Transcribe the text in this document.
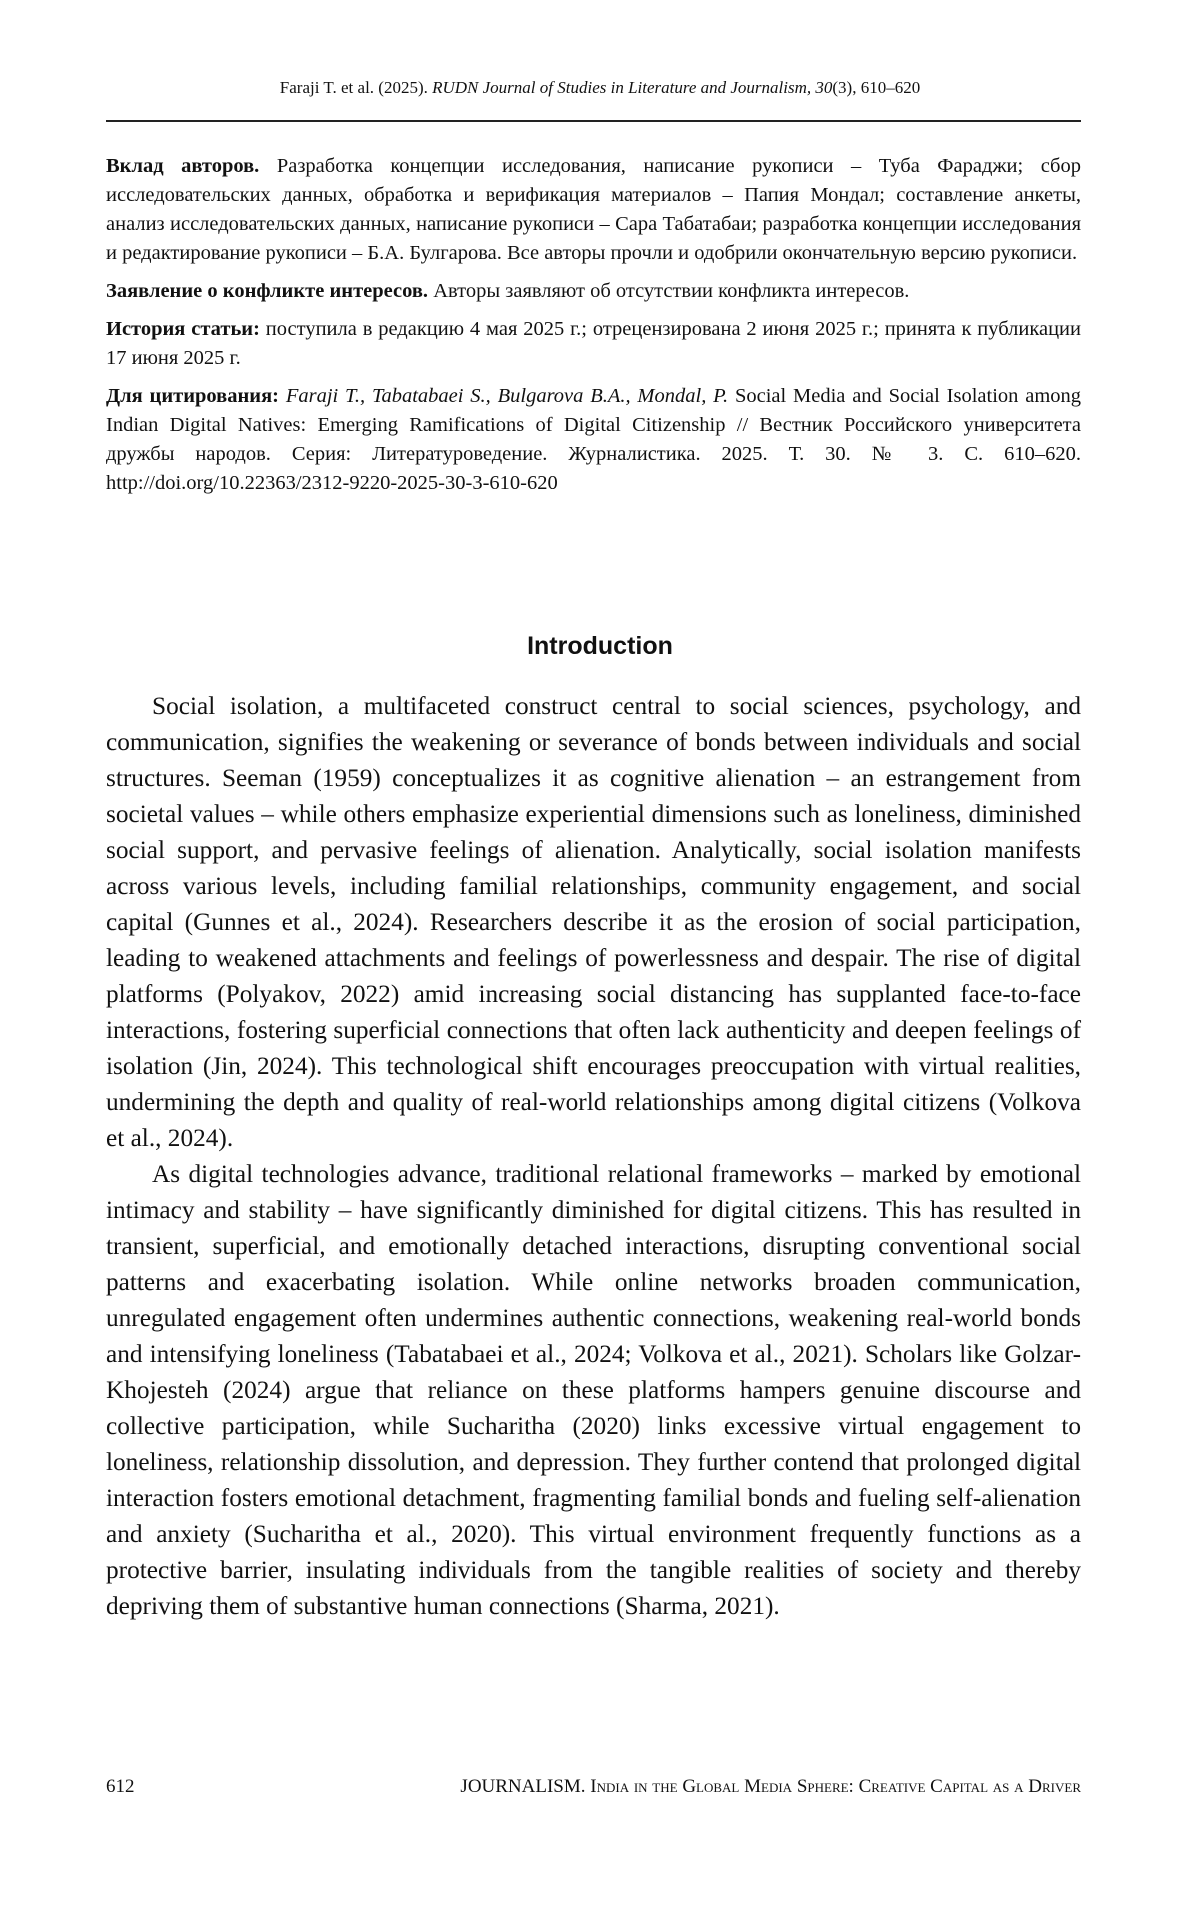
Faraji T. et al. (2025). RUDN Journal of Studies in Literature and Journalism, 30(3), 610–620

Вклад авторов. Разработка концепции исследования, написание рукописи – Туба Фараджи; сбор исследовательских данных, обработка и верификация материалов – Папия Мондал; составление анкеты, анализ исследовательских данных, написание рукописи – Сара Табатабаи; разработка концепции исследования и редактирование рукописи – Б.А. Булгарова. Все авторы прочли и одобрили окончательную версию рукописи.

Заявление о конфликте интересов. Авторы заявляют об отсутствии конфликта интересов.

История статьи: поступила в редакцию 4 мая 2025 г.; отрецензирована 2 июня 2025 г.; принята к публикации 17 июня 2025 г.

Для цитирования: Faraji T., Tabatabaei S., Bulgarova B.A., Mondal, P. Social Media and Social Isolation among Indian Digital Natives: Emerging Ramifications of Digital Citizenship // Вестник Российского университета дружбы народов. Серия: Литературоведение. Журналистика. 2025. Т. 30. № 3. С. 610–620. http://doi.org/10.22363/2312-9220-2025-30-3-610-620

Introduction

Social isolation, a multifaceted construct central to social sciences, psychology, and communication, signifies the weakening or severance of bonds between individuals and social structures. Seeman (1959) conceptualizes it as cognitive alienation – an estrangement from societal values – while others emphasize experiential dimensions such as loneliness, diminished social support, and pervasive feelings of alienation. Analytically, social isolation manifests across various levels, including familial relationships, community engagement, and social capital (Gunnes et al., 2024). Researchers describe it as the erosion of social participation, leading to weakened attachments and feelings of powerlessness and despair. The rise of digital platforms (Polyakov, 2022) amid increasing social distancing has supplanted face-to-face interactions, fostering superficial connections that often lack authenticity and deepen feelings of isolation (Jin, 2024). This technological shift encourages preoccupation with virtual realities, undermining the depth and quality of real-world relationships among digital citizens (Volkova et al., 2024).

As digital technologies advance, traditional relational frameworks – marked by emotional intimacy and stability – have significantly diminished for digital citizens. This has resulted in transient, superficial, and emotionally detached interactions, disrupting conventional social patterns and exacerbating isolation. While online networks broaden communication, unregulated engagement often undermines authentic connections, weakening real-world bonds and intensifying loneliness (Tabatabaei et al., 2024; Volkova et al., 2021). Scholars like Golzar-Khojesteh (2024) argue that reliance on these platforms hampers genuine discourse and collective participation, while Sucharitha (2020) links excessive virtual engagement to loneliness, relationship dissolution, and depression. They further contend that prolonged digital interaction fosters emotional detachment, fragmenting familial bonds and fueling self-alienation and anxiety (Sucharitha et al., 2020). This virtual environment frequently functions as a protective barrier, insulating individuals from the tangible realities of society and thereby depriving them of substantive human connections (Sharma, 2021).

612	JOURNALISM. India in the Global Media Sphere: Creative Capital as a Driver
